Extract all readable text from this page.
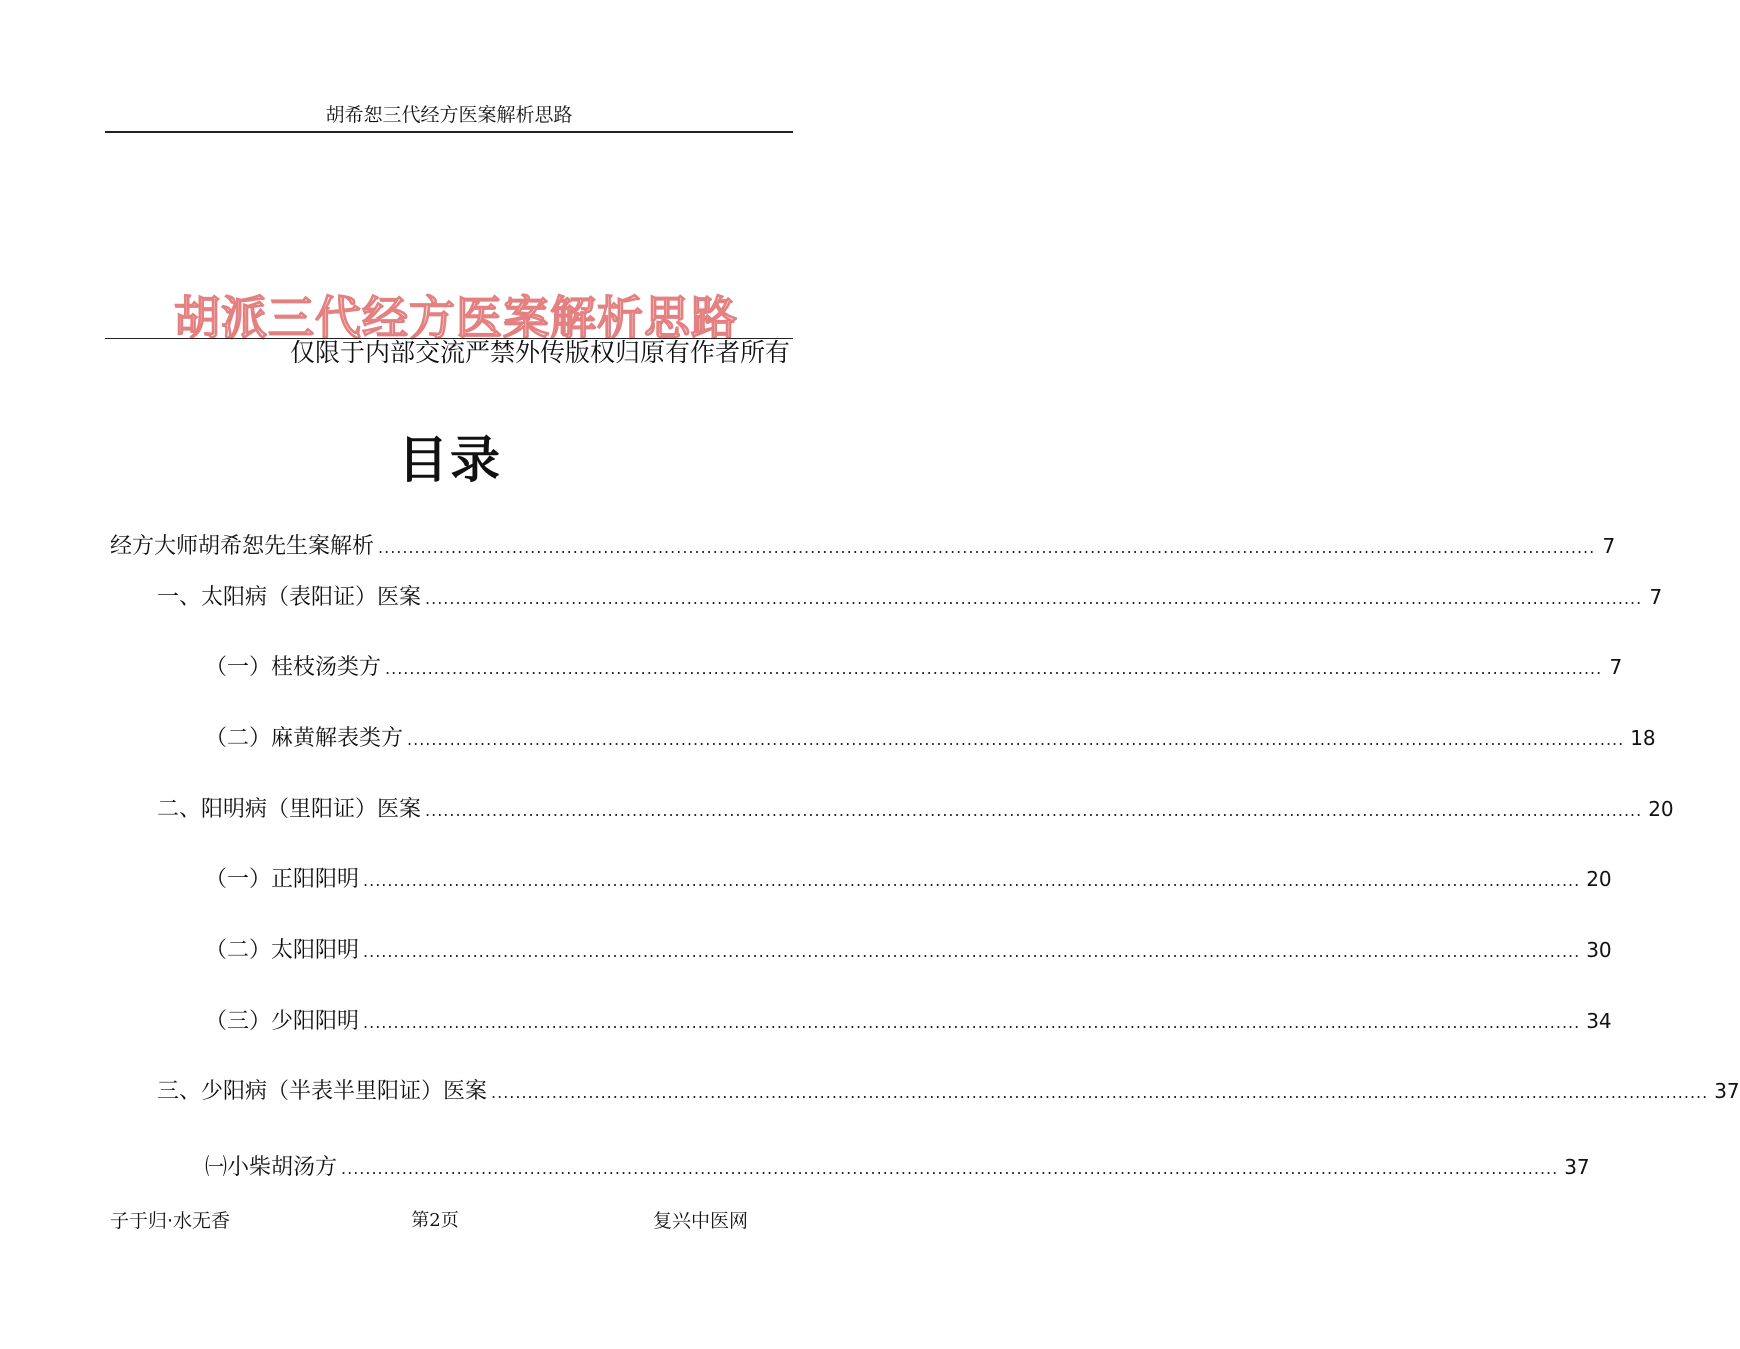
胡希恕三代经方医案解析思路
胡派三代经方医案解析思路
仅限于内部交流严禁外传版权归原有作者所有
目录
经方大师胡希恕先生案解析 ........................................................................................................................................................................................................ 7
一、太阳病（表阳证）医案 ........................................................................................................................................................................................................ 7
（一）桂枝汤类方 ........................................................................................................................................................................................................ 7
（二）麻黄解表类方 ........................................................................................................................................................................................................ 18
二、阳明病（里阳证）医案 ........................................................................................................................................................................................................ 20
（一）正阳阳明 ........................................................................................................................................................................................................ 20
（二）太阳阳明 ........................................................................................................................................................................................................ 30
（三）少阳阳明 ........................................................................................................................................................................................................ 34
三、少阳病（半表半里阳证）医案 ........................................................................................................................................................................................................ 37
㈠小柴胡汤方 ........................................................................................................................................................................................................ 37
子于归·水无香	第2页	复兴中医网
